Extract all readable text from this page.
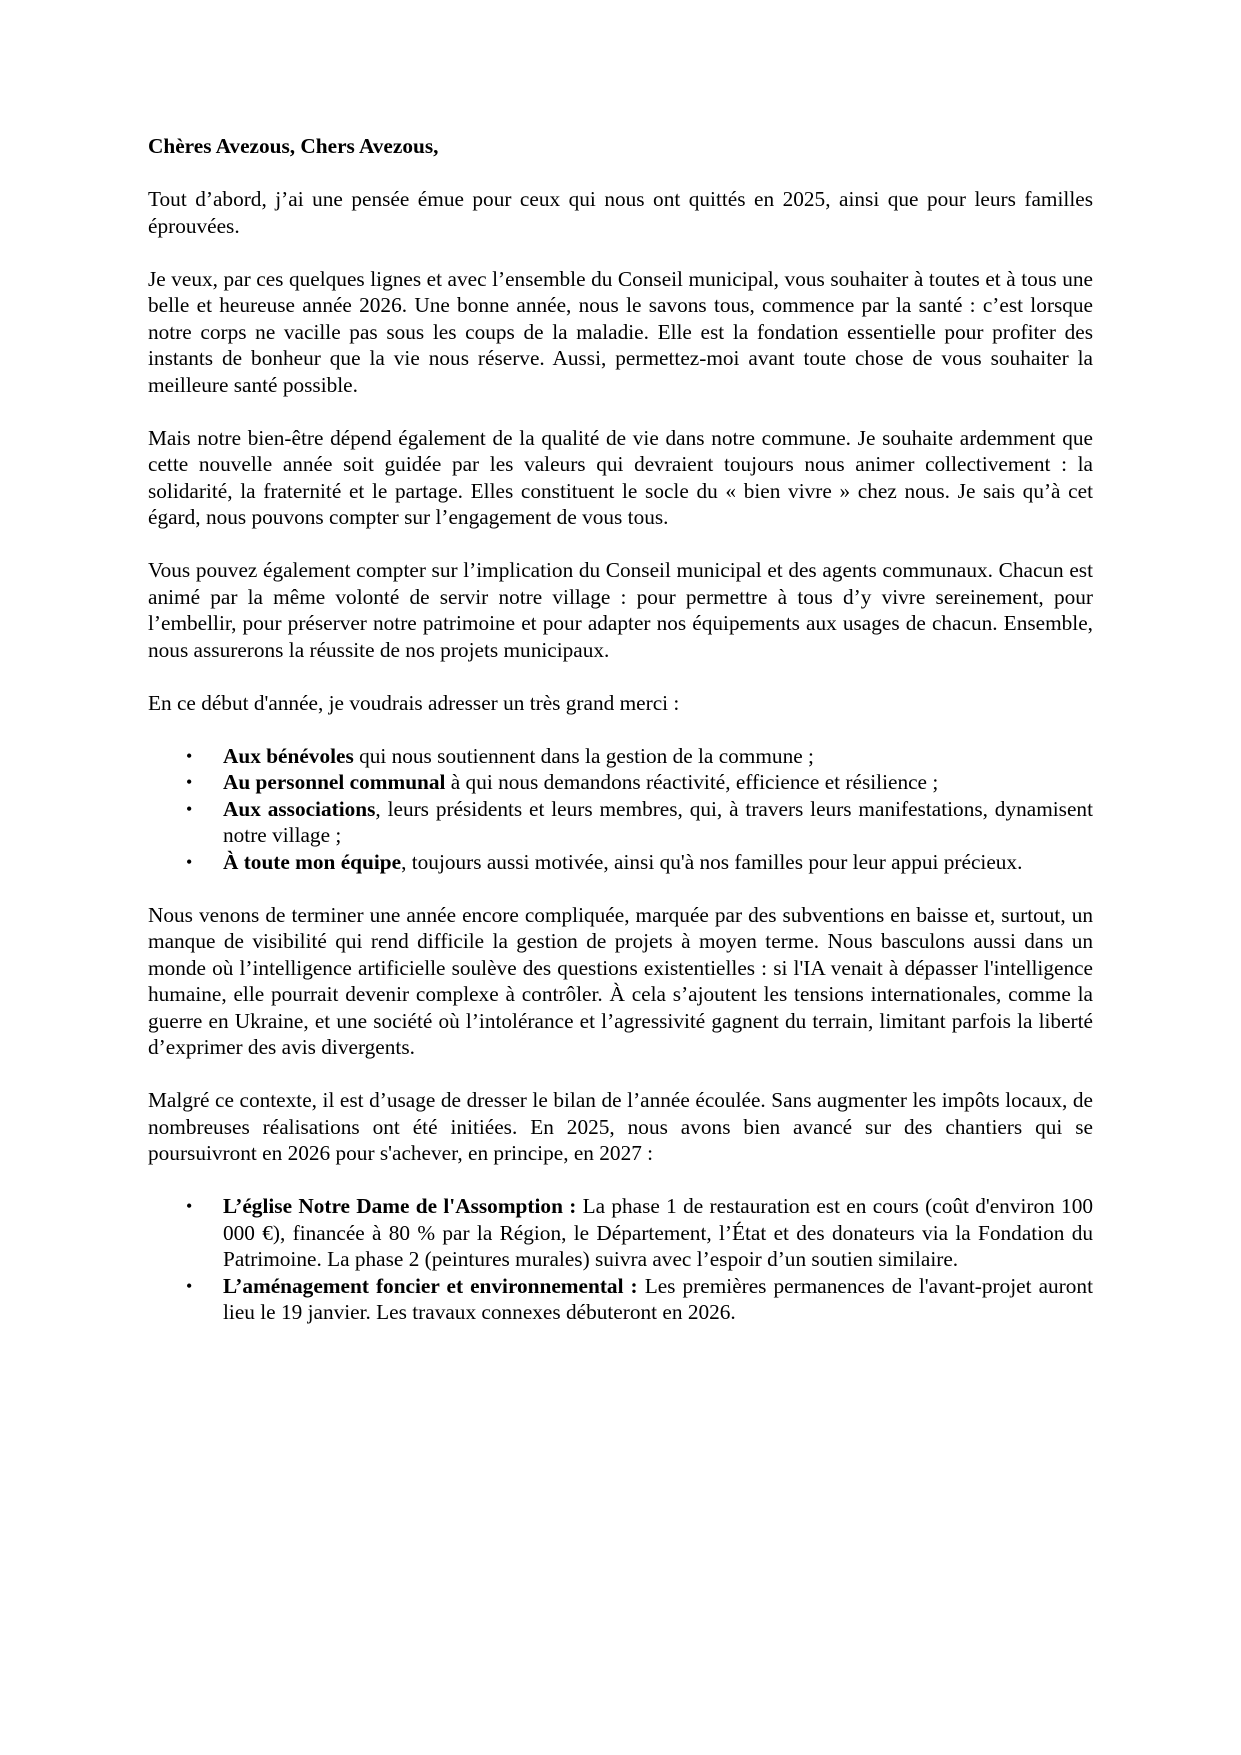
Chères Avezous, Chers Avezous,

Tout d’abord, j’ai une pensée émue pour ceux qui nous ont quittés en 2025, ainsi que pour leurs familles éprouvées.

Je veux, par ces quelques lignes et avec l’ensemble du Conseil municipal, vous souhaiter à toutes et à tous une belle et heureuse année 2026. Une bonne année, nous le savons tous, commence par la santé : c’est lorsque notre corps ne vacille pas sous les coups de la maladie. Elle est la fondation essentielle pour profiter des instants de bonheur que la vie nous réserve. Aussi, permettez-moi avant toute chose de vous souhaiter la meilleure santé possible.

Mais notre bien-être dépend également de la qualité de vie dans notre commune. Je souhaite ardemment que cette nouvelle année soit guidée par les valeurs qui devraient toujours nous animer collectivement : la solidarité, la fraternité et le partage. Elles constituent le socle du « bien vivre » chez nous. Je sais qu’à cet égard, nous pouvons compter sur l’engagement de vous tous.

Vous pouvez également compter sur l’implication du Conseil municipal et des agents communaux. Chacun est animé par la même volonté de servir notre village : pour permettre à tous d’y vivre sereinement, pour l’embellir, pour préserver notre patrimoine et pour adapter nos équipements aux usages de chacun. Ensemble, nous assurerons la réussite de nos projets municipaux.

En ce début d'année, je voudrais adresser un très grand merci :

• Aux bénévoles qui nous soutiennent dans la gestion de la commune ;
• Au personnel communal à qui nous demandons réactivité, efficience et résilience ;
• Aux associations, leurs présidents et leurs membres, qui, à travers leurs manifestations, dynamisent notre village ;
• À toute mon équipe, toujours aussi motivée, ainsi qu'à nos familles pour leur appui précieux.

Nous venons de terminer une année encore compliquée, marquée par des subventions en baisse et, surtout, un manque de visibilité qui rend difficile la gestion de projets à moyen terme. Nous basculons aussi dans un monde où l’intelligence artificielle soulève des questions existentielles : si l'IA venait à dépasser l'intelligence humaine, elle pourrait devenir complexe à contrôler. À cela s’ajoutent les tensions internationales, comme la guerre en Ukraine, et une société où l’intolérance et l’agressivité gagnent du terrain, limitant parfois la liberté d’exprimer des avis divergents.

Malgré ce contexte, il est d’usage de dresser le bilan de l’année écoulée. Sans augmenter les impôts locaux, de nombreuses réalisations ont été initiées. En 2025, nous avons bien avancé sur des chantiers qui se poursuivront en 2026 pour s'achever, en principe, en 2027 :

• L’église Notre Dame de l'Assomption : La phase 1 de restauration est en cours (coût d'environ 100 000 €), financée à 80 % par la Région, le Département, l’État et des donateurs via la Fondation du Patrimoine. La phase 2 (peintures murales) suivra avec l’espoir d’un soutien similaire.
• L’aménagement foncier et environnemental : Les premières permanences de l'avant-projet auront lieu le 19 janvier. Les travaux connexes débuteront en 2026.
